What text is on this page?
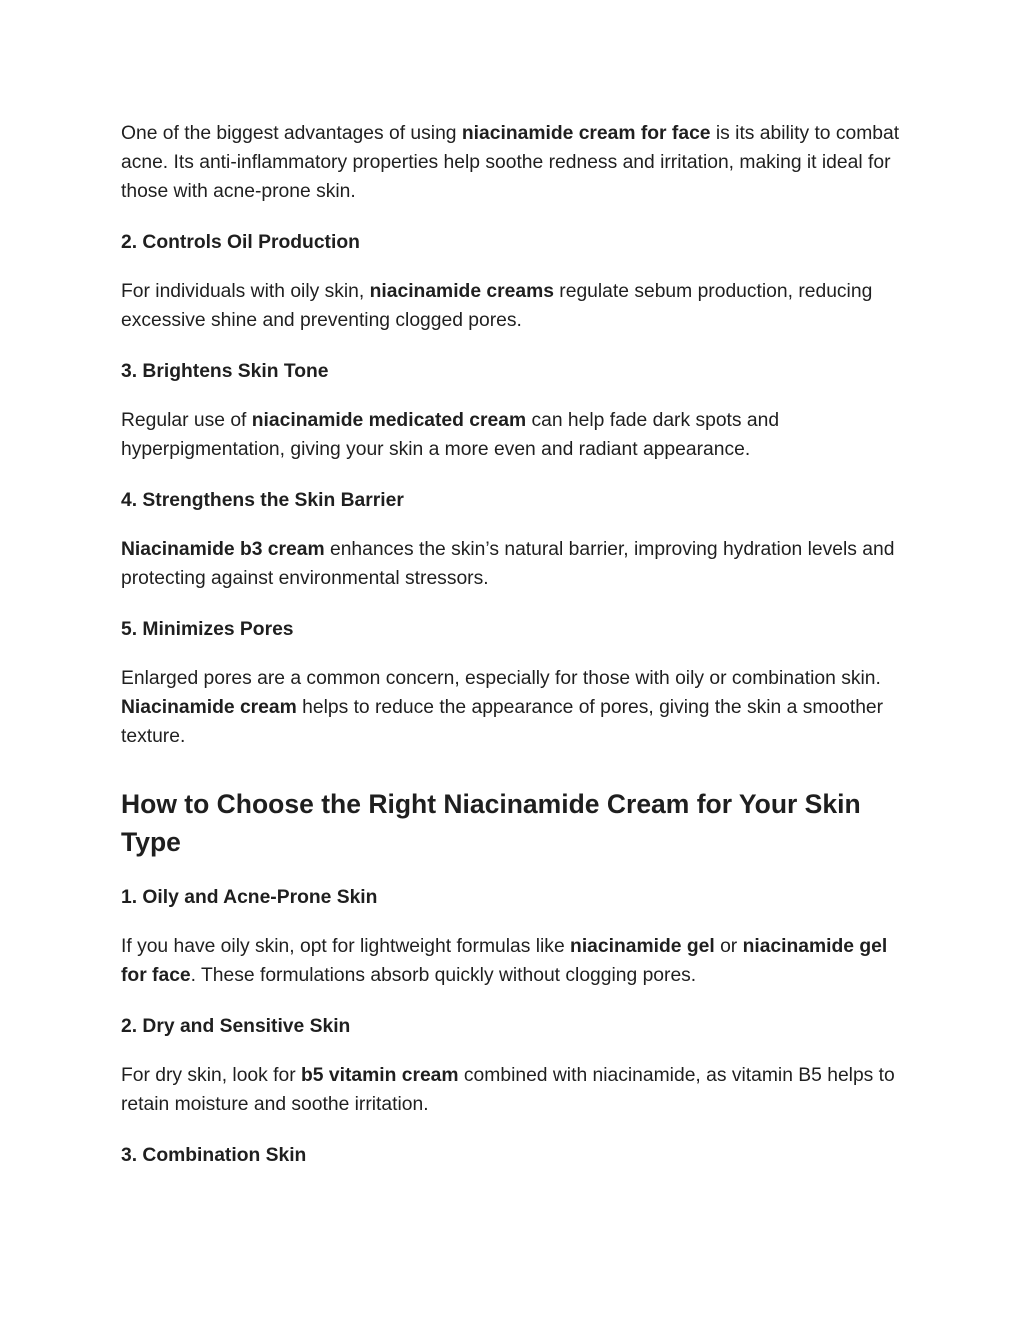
One of the biggest advantages of using niacinamide cream for face is its ability to combat acne. Its anti-inflammatory properties help soothe redness and irritation, making it ideal for those with acne-prone skin.

2. Controls Oil Production

For individuals with oily skin, niacinamide creams regulate sebum production, reducing excessive shine and preventing clogged pores.

3. Brightens Skin Tone

Regular use of niacinamide medicated cream can help fade dark spots and hyperpigmentation, giving your skin a more even and radiant appearance.

4. Strengthens the Skin Barrier

Niacinamide b3 cream enhances the skin’s natural barrier, improving hydration levels and protecting against environmental stressors.

5. Minimizes Pores

Enlarged pores are a common concern, especially for those with oily or combination skin. Niacinamide cream helps to reduce the appearance of pores, giving the skin a smoother texture.

How to Choose the Right Niacinamide Cream for Your Skin Type
1. Oily and Acne-Prone Skin

If you have oily skin, opt for lightweight formulas like niacinamide gel or niacinamide gel for face. These formulations absorb quickly without clogging pores.

2. Dry and Sensitive Skin

For dry skin, look for b5 vitamin cream combined with niacinamide, as vitamin B5 helps to retain moisture and soothe irritation.

3. Combination Skin
